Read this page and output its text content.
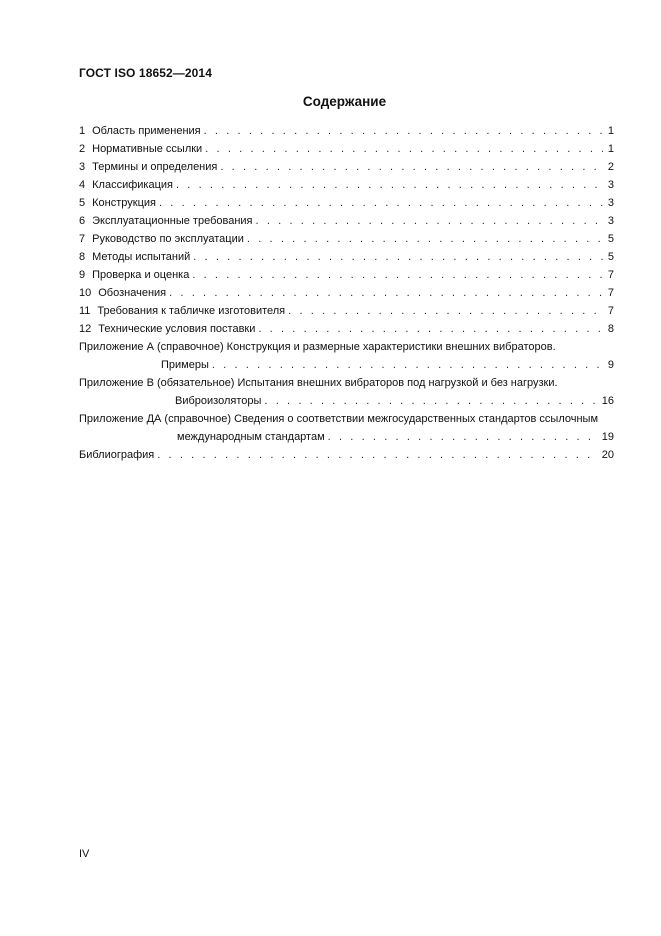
ГОСТ ISO 18652—2014
Содержание
1 Область применения . . .	1
2 Нормативные ссылки . . .	1
3 Термины и определения . . .	2
4 Классификация . . .	3
5 Конструкция . . .	3
6 Эксплуатационные требования . . .	3
7 Руководство по эксплуатации . . .	5
8 Методы испытаний . . .	5
9 Проверка и оценка . . .	7
10 Обозначения . . .	7
11 Требования к табличке изготовителя . . .	7
12 Технические условия поставки . . .	8
Приложение А (справочное) Конструкция и размерные характеристики внешних вибраторов.
Примеры . . .	9
Приложение В (обязательное) Испытания внешних вибраторов под нагрузкой и без нагрузки.
Виброизоляторы . . .	16
Приложение ДА (справочное) Сведения о соответствии межгосударственных стандартов ссылочным
международным стандартам . . .	19
Библиография . . .	20
IV
